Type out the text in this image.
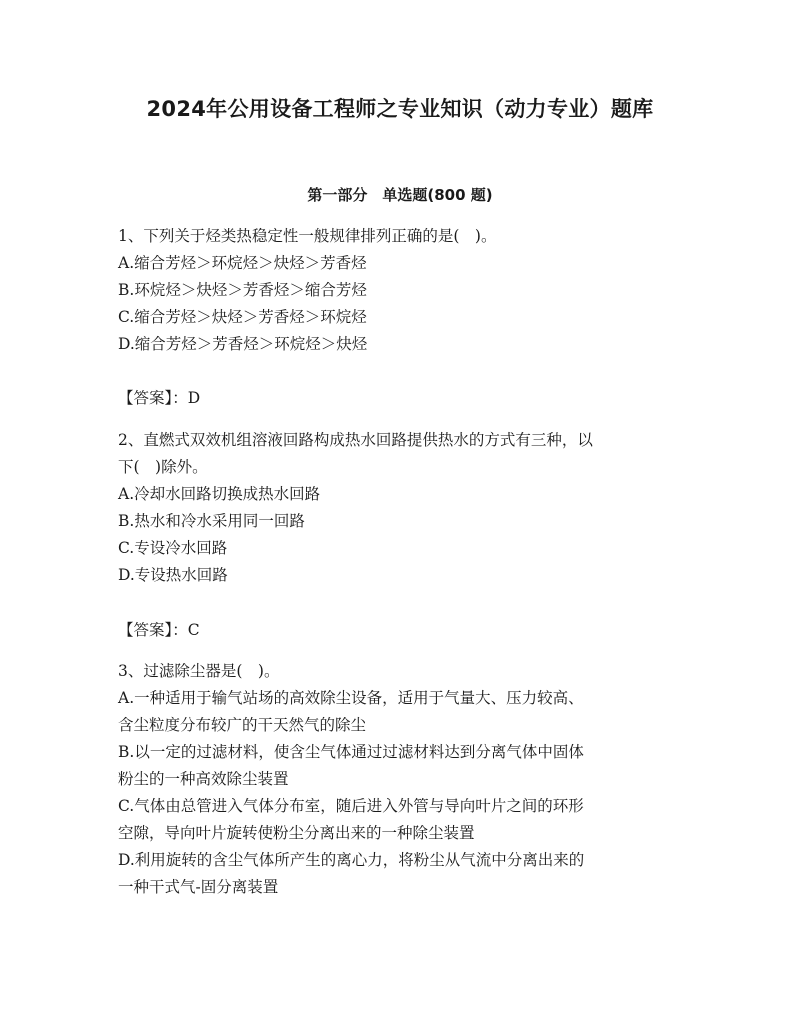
2024年公用设备工程师之专业知识（动力专业）题库
第一部分　单选题(800 题)
1、下列关于烃类热稳定性一般规律排列正确的是(　)。
A.缩合芳烃＞环烷烃＞炔烃＞芳香烃
B.环烷烃＞炔烃＞芳香烃＞缩合芳烃
C.缩合芳烃＞炔烃＞芳香烃＞环烷烃
D.缩合芳烃＞芳香烃＞环烷烃＞炔烃
【答案】：D
2、直燃式双效机组溶液回路构成热水回路提供热水的方式有三种，以
下(　)除外。
A.冷却水回路切换成热水回路
B.热水和冷水采用同一回路
C.专设冷水回路
D.专设热水回路
【答案】：C
3、过滤除尘器是(　)。
A.一种适用于输气站场的高效除尘设备，适用于气量大、压力较高、
含尘粒度分布较广的干天然气的除尘
B.以一定的过滤材料，使含尘气体通过过滤材料达到分离气体中固体
粉尘的一种高效除尘装置
C.气体由总管进入气体分布室，随后进入外管与导向叶片之间的环形
空隙，导向叶片旋转使粉尘分离出来的一种除尘装置
D.利用旋转的含尘气体所产生的离心力，将粉尘从气流中分离出来的
一种干式气-固分离装置
